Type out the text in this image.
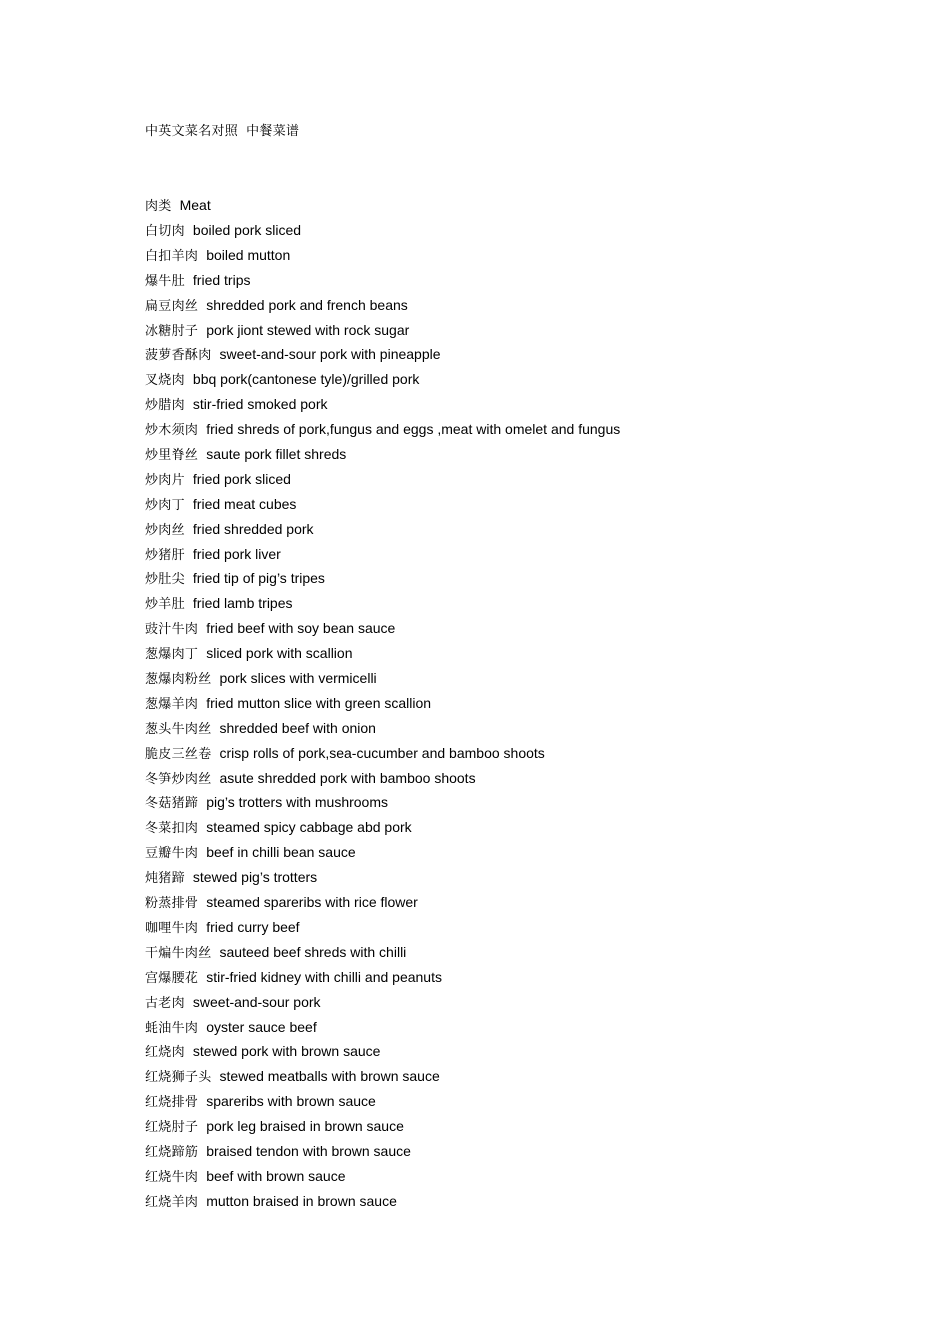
中英文菜名对照 中餐菜谱
肉类 Meat
白切肉 boiled pork sliced
白扣羊肉 boiled mutton
爆牛肚 fried trips
扁豆肉丝 shredded pork and french beans
冰糖肘子 pork jiont stewed with rock sugar
菠萝香酥肉 sweet-and-sour pork with pineapple
叉烧肉 bbq pork(cantonese tyle)/grilled pork
炒腊肉 stir-fried smoked pork
炒木须肉 fried shreds of pork,fungus and eggs ,meat with omelet and fungus
炒里脊丝 saute pork fillet shreds
炒肉片 fried pork sliced
炒肉丁 fried meat cubes
炒肉丝 fried shredded pork
炒猪肝 fried pork liver
炒肚尖 fried tip of pig’s tripes
炒羊肚 fried lamb tripes
豉汁牛肉 fried beef with soy bean sauce
葱爆肉丁 sliced pork with scallion
葱爆肉粉丝 pork slices with vermicelli
葱爆羊肉 fried mutton slice with green scallion
葱头牛肉丝 shredded beef with onion
脆皮三丝卷 crisp rolls of pork,sea-cucumber and bamboo shoots
冬笋炒肉丝 asute shredded pork with bamboo shoots
冬菇猪蹄 pig’s trotters with mushrooms
冬菜扣肉 steamed spicy cabbage abd pork
豆瓣牛肉 beef in chilli bean sauce
炖猪蹄 stewed pig’s trotters
粉蒸排骨 steamed spareribs with rice flower
咖哩牛肉 fried curry beef
干煸牛肉丝 sauteed beef shreds with chilli
宫爆腰花 stir-fried kidney with chilli and peanuts
古老肉 sweet-and-sour pork
蚝油牛肉 oyster sauce beef
红烧肉 stewed pork with brown sauce
红烧狮子头 stewed meatballs with brown sauce
红烧排骨 spareribs with brown sauce
红烧肘子 pork leg braised in brown sauce
红烧蹄筋 braised tendon with brown sauce
红烧牛肉 beef with brown sauce
红烧羊肉 mutton braised in brown sauce
